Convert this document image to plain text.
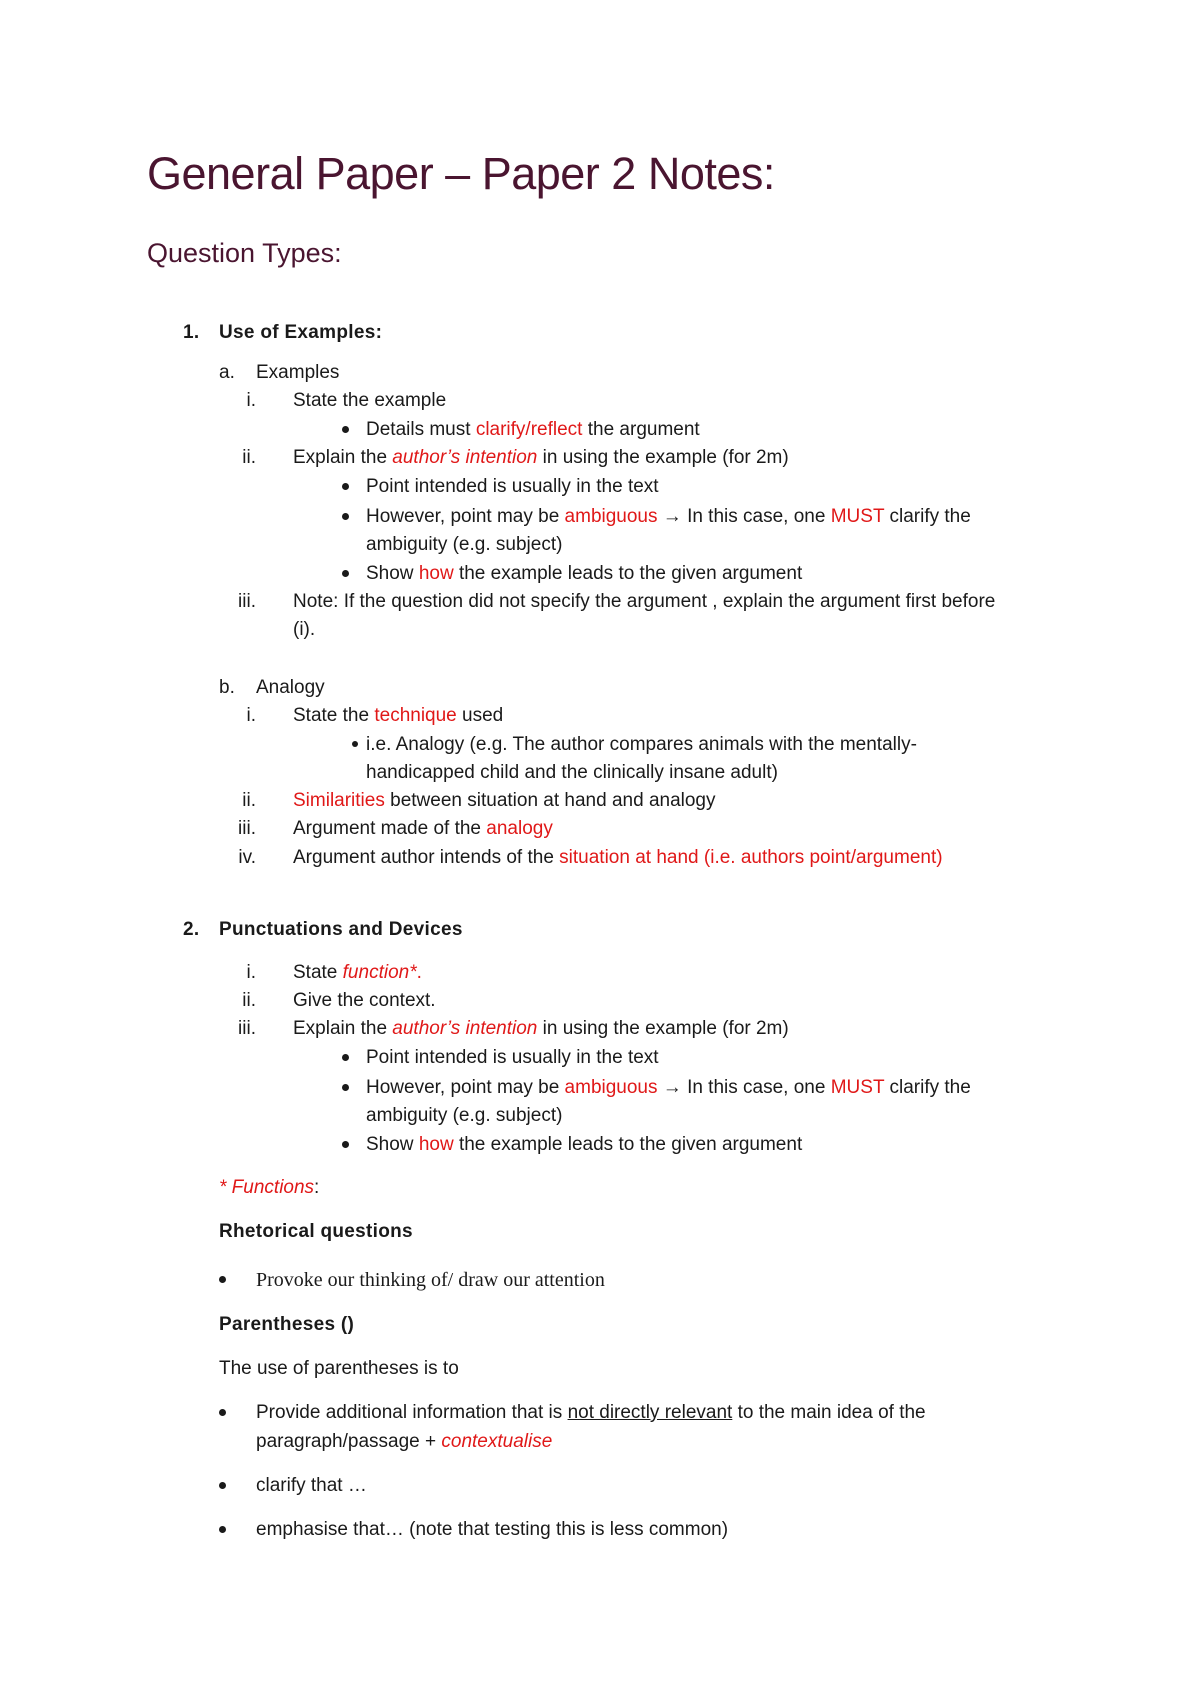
General Paper – Paper 2 Notes:
Question Types:
1. Use of Examples:
a. Examples
i. State the example
Details must clarify/reflect the argument
ii. Explain the author’s intention in using the example (for 2m)
Point intended is usually in the text
However, point may be ambiguous → In this case, one MUST clarify the
ambiguity (e.g. subject)
Show how the example leads to the given argument
iii. Note: If the question did not specify the argument , explain the argument first before
(i).
b. Analogy
i. State the technique used
i.e. Analogy (e.g. The author compares animals with the mentally-
handicapped child and the clinically insane adult)
ii. Similarities between situation at hand and analogy
iii. Argument made of the analogy
iv. Argument author intends of the situation at hand (i.e. authors point/argument)
2. Punctuations and Devices
i. State function*.
ii. Give the context.
iii. Explain the author’s intention in using the example (for 2m)
Point intended is usually in the text
However, point may be ambiguous → In this case, one MUST clarify the
ambiguity (e.g. subject)
Show how the example leads to the given argument
* Functions:
Rhetorical questions
Provoke our thinking of/ draw our attention
Parentheses ()
The use of parentheses is to
Provide additional information that is not directly relevant to the main idea of the
paragraph/passage + contextualise
clarify that …
emphasise that… (note that testing this is less common)
